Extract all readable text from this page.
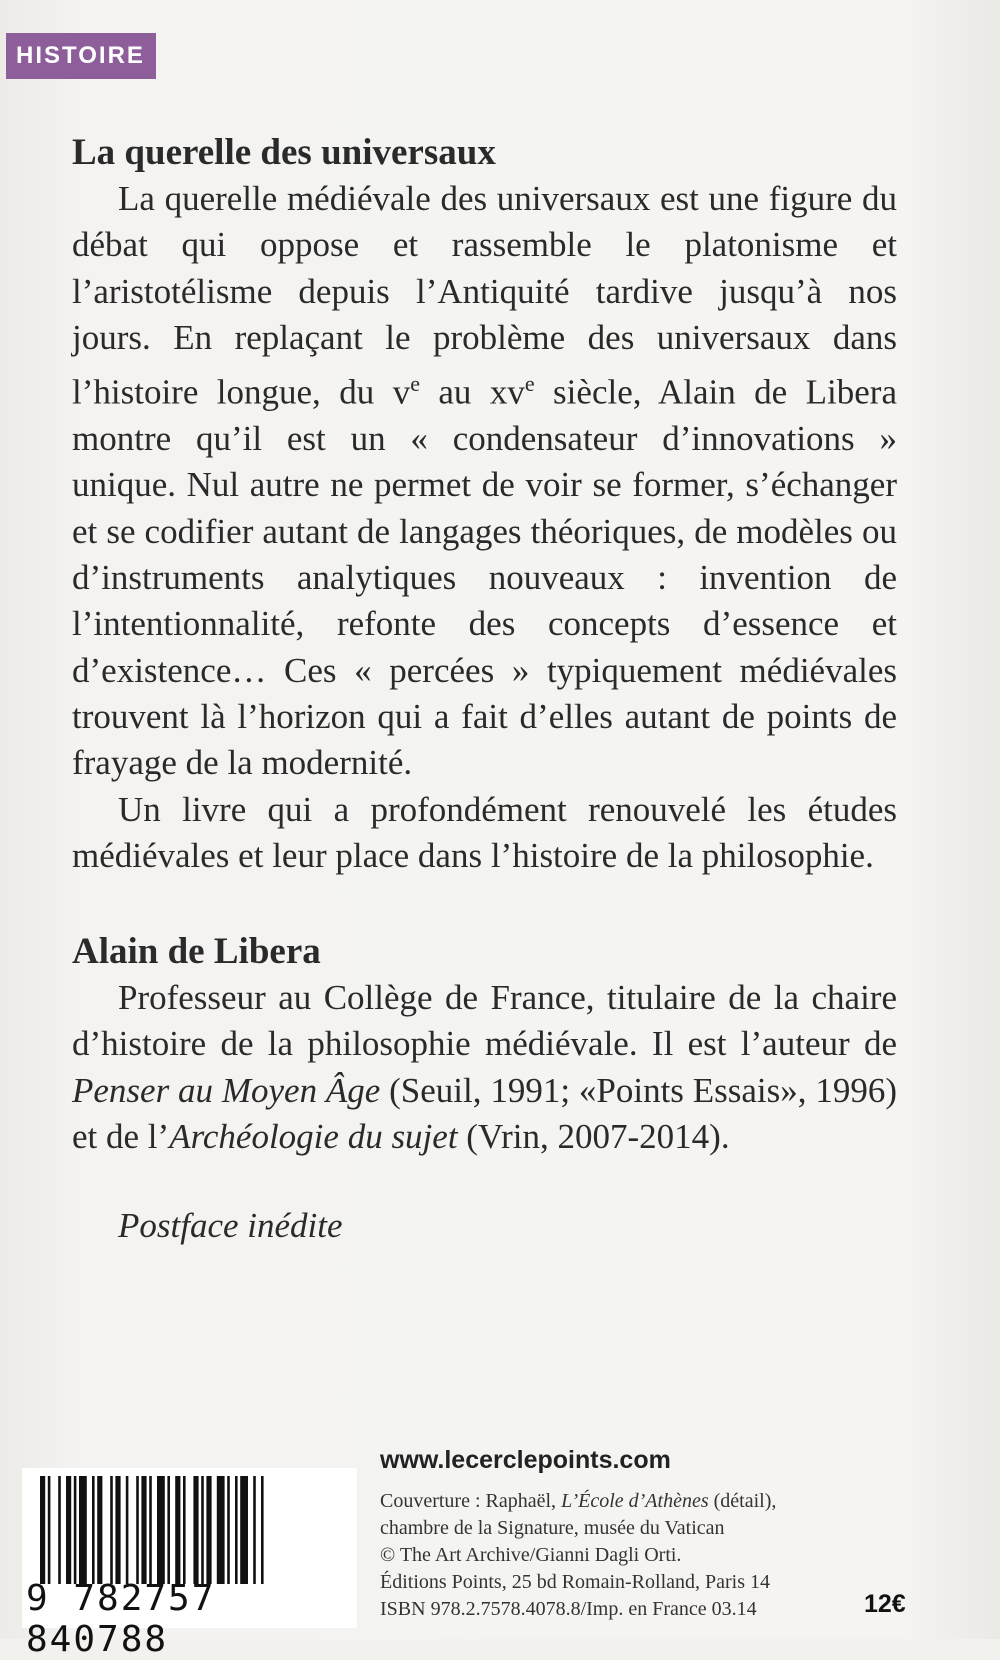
HISTOIRE
La querelle des universaux

La querelle médiévale des universaux est une figure du débat qui oppose et rassemble le platonisme et l’aristotélisme depuis l’Antiquité tardive jusqu’à nos jours. En replaçant le problème des universaux dans l’histoire longue, du $v^e$ au $xv^e$ siècle, Alain de Libera montre qu’il est un « condensateur d’innovations » unique. Nul autre ne permet de voir se former, s’échanger et se codifier autant de langages théoriques, de modèles ou d’instruments analytiques nouveaux : invention de l’intentionnalité, refonte des concepts d’essence et d’existence… Ces « percées » typiquement médiévales trouvent là l’horizon qui a fait d’elles autant de points de frayage de la modernité.

Un livre qui a profondément renouvelé les études médiévales et leur place dans l’histoire de la philosophie.

Alain de Libera

Professeur au Collège de France, titulaire de la chaire d’histoire de la philosophie médiévale. Il est l’auteur de Penser au Moyen Âge (Seuil, 1991; «Points Essais», 1996) et de l’Archéologie du sujet (Vrin, 2007-2014).

Postface inédite

9 782757 840788
www.lecerclepoints.com
Couverture : Raphaël, L’École d’Athènes (détail),
chambre de la Signature, musée du Vatican
© The Art Archive/Gianni Dagli Orti.
Éditions Points, 25 bd Romain-Rolland, Paris 14
ISBN 978.2.7578.4078.8/Imp. en France 03.14	12€
